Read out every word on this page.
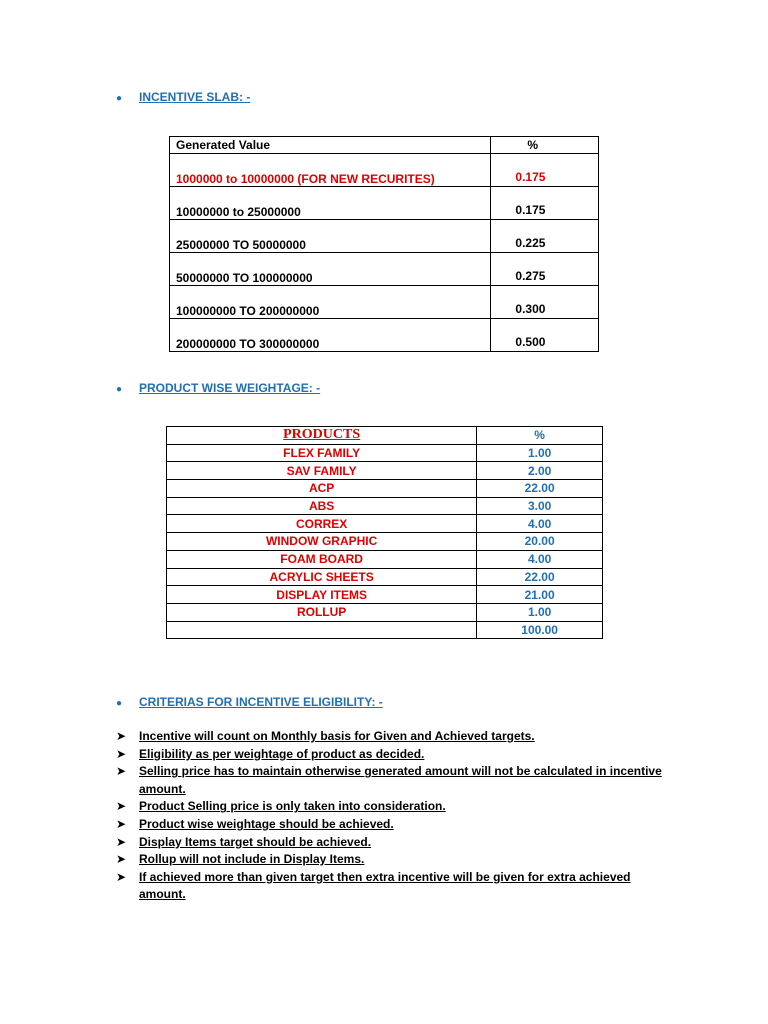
● INCENTIVE SLAB: -
Generated Value	%
1000000 to 10000000 (FOR NEW RECURITES)	0.175

10000000 to 25000000	0.175

25000000 TO 50000000	0.225

50000000 TO 100000000	0.275

100000000 TO 200000000	0.300

200000000 TO 300000000	0.500
● PRODUCT WISE WEIGHTAGE: -
PRODUCTS	%
FLEX FAMILY	1.00
SAV FAMILY	2.00
ACP	22.00
ABS	3.00
CORREX	4.00
WINDOW GRAPHIC	20.00
FOAM BOARD	4.00
ACRYLIC SHEETS	22.00
DISPLAY ITEMS	21.00
ROLLUP	1.00
	100.00
● CRITERIAS FOR INCENTIVE ELIGIBILITY: -
➤	Incentive will count on Monthly basis for Given and Achieved targets.
➤	Eligibility as per weightage of product as decided.
➤	Selling price has to maintain otherwise generated amount will not be calculated in incentive amount.
➤	Product Selling price is only taken into consideration.
➤	Product wise weightage should be achieved.
➤	Display Items target should be achieved.
➤	Rollup will not include in Display Items.
➤	If achieved more than given target then extra incentive will be given for extra achieved amount.
